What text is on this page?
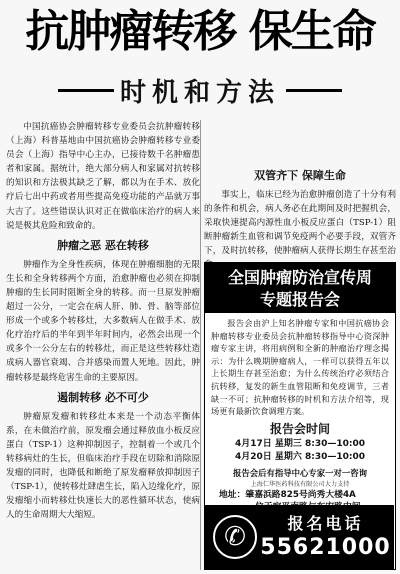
抗肿瘤转移 保生命
时机和方法

中国抗癌协会肿瘤转移专业委员会抗肿瘤转移（上海）科普基地由中国抗癌协会肿瘤转移专业委员会（上海）指导中心主办，已接待数千名肿瘤患者和家属。据统计，绝大部分病人和家属对抗转移的知识和方法极其缺乏了解，都以为在手术、放化疗后七出中药或者用些提高免疫功能的产品就万事大吉了。这些错误认识对正在做临床治疗的病人来说是极其危险和致命的。

肿瘤之恶 恶在转移

肿瘤作为全身性疾病，体现在肿瘤细胞的无限生长和全身转移两个方面，治愈肿瘤也必须在抑制肿瘤的生长同时阻断全身的转移。而一旦原发肿瘤超过一公分，一定会在病人肝、肺、骨、脑等部位形成一个或多个转移灶，大多数病人在做手术、放化疗治疗后的半年到半年时间内，必然会出现一个或多个一公分左右的转移灶，而正是这些转移灶造成病人器官衰竭、合并感染而置人死地。因此，肿瘤转移是最终危害生命的主要原因。

遏制转移 必不可少

肿瘤原发瘤和转移灶本来是一个动态平衡体系，在未做治疗前，原发瘤会通过释放血小板反应蛋白（TSP-1）这种抑制因子，控制着一个或几个转移病灶的生长，但临床治疗手段在切除和消除原发瘤的同时，也降低和断绝了原发瘤释放抑制因子（TSP-1），使转移灶肆虐生长，陷入边缘化疗，原发瘤缩小而转移灶快速长大的恶性循环状态，使病人的生命周期大大缩短。

双管齐下 保障生命

事实上，临床已经为治愈肿瘤创造了十分有利的条件和机会，病人务必在此期间及时把握机会，采取快速提高内源性血小板反应蛋白（TSP-1）阻断肿瘤新生血管和调节免疫两个必要手段，双管齐下，及时抗转移，使肿瘤病人获得长期生存甚至治

全国肿瘤防治宣传周
专题报告会

报告会由沪上知名肿瘤专家和中国抗癌协会肿瘤转移专业委员会抗肿瘤转移指导中心资深肿瘤专家主讲，将用病例和全新的肿瘤治疗理念揭示：为什么晚期肿瘤病人，一样可以获得五年以上长期生存甚至治愈；为什么传统治疗必须结合抗转移，复发的新生血管阻断和免疫调节，三者缺一不可；抗肿瘤转移的时机和方法介绍等，现场更有最新饮食调理方案。

报告会时间
4月17日 星期三 8:30—10:00
4月20日 星期六 8:30—10:00
报告会后有指导中心专家一对一咨询
上海仁华医药科技有限公司大力支持
地址：肇嘉浜路825号尚秀大楼4A
✆	报名电话
55621000
